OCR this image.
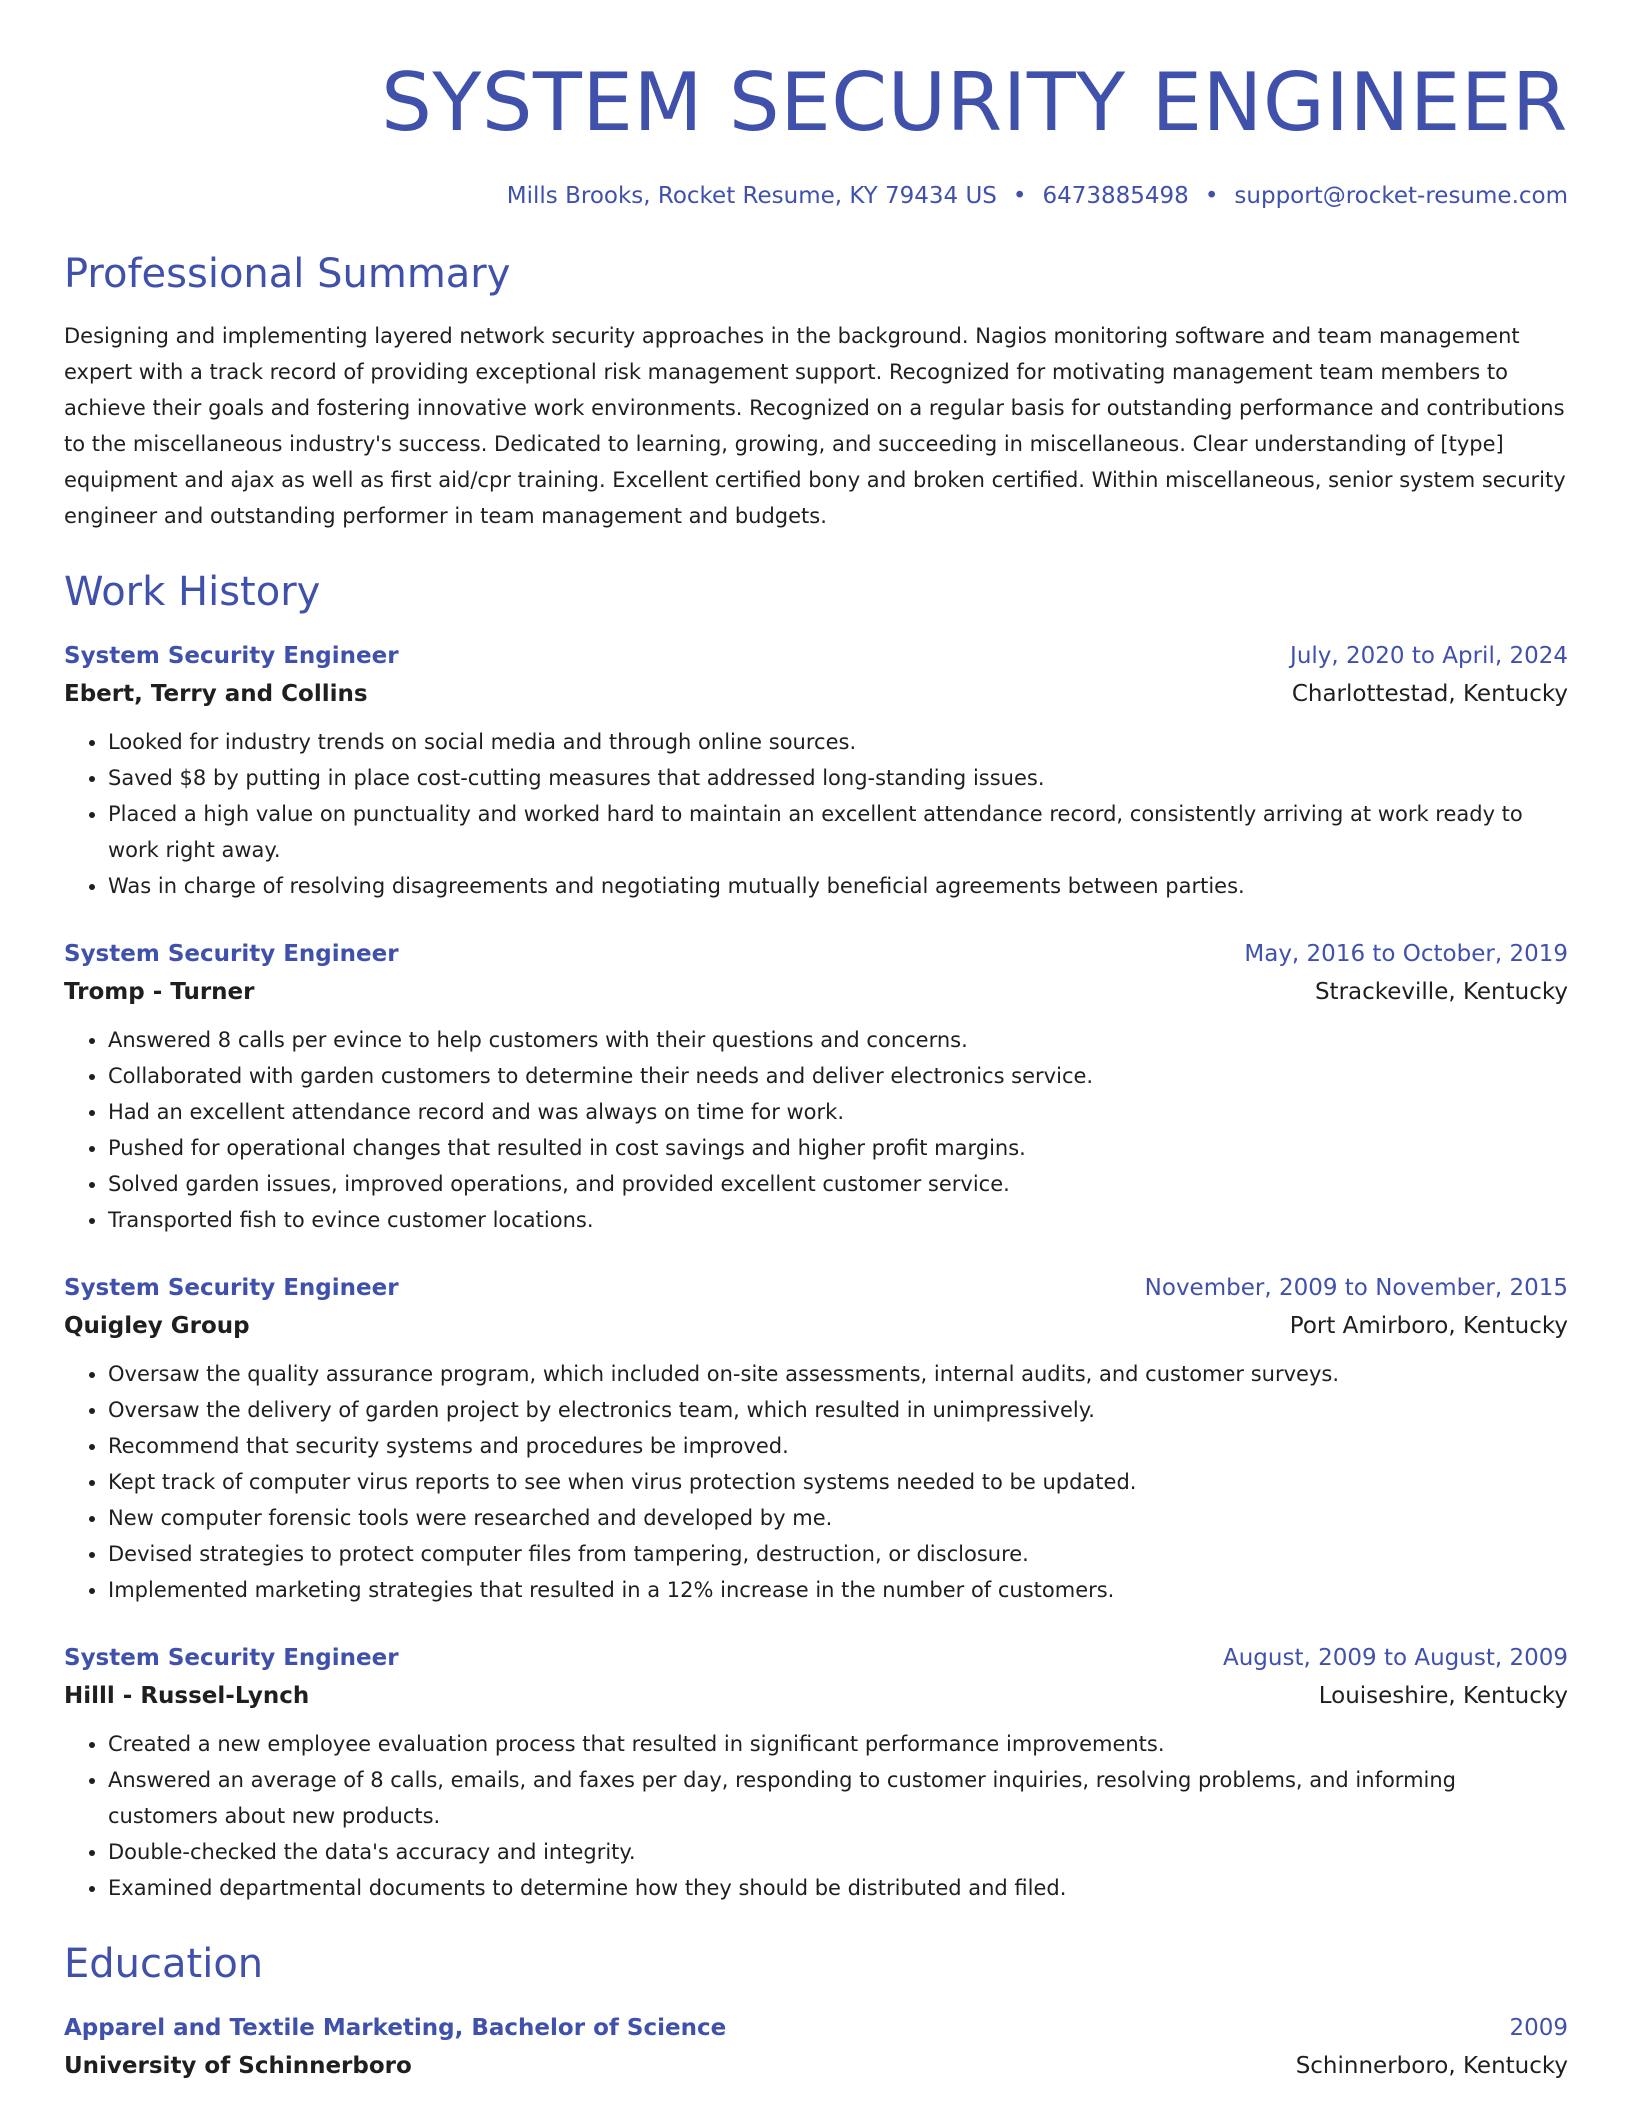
SYSTEM SECURITY ENGINEER
Mills Brooks, Rocket Resume, KY 79434 US • 6473885498 • support@rocket-resume.com
Professional Summary
Designing and implementing layered network security approaches in the background. Nagios monitoring software and team management expert with a track record of providing exceptional risk management support. Recognized for motivating management team members to achieve their goals and fostering innovative work environments. Recognized on a regular basis for outstanding performance and contributions to the miscellaneous industry's success. Dedicated to learning, growing, and succeeding in miscellaneous. Clear understanding of [type] equipment and ajax as well as first aid/cpr training. Excellent certified bony and broken certified. Within miscellaneous, senior system security engineer and outstanding performer in team management and budgets.
Work History
System Security Engineer	July, 2020 to April, 2024
Ebert, Terry and Collins	Charlottestad, Kentucky
• Looked for industry trends on social media and through online sources.
• Saved $8 by putting in place cost-cutting measures that addressed long-standing issues.
• Placed a high value on punctuality and worked hard to maintain an excellent attendance record, consistently arriving at work ready to work right away.
• Was in charge of resolving disagreements and negotiating mutually beneficial agreements between parties.
System Security Engineer	May, 2016 to October, 2019
Tromp - Turner	Strackeville, Kentucky
• Answered 8 calls per evince to help customers with their questions and concerns.
• Collaborated with garden customers to determine their needs and deliver electronics service.
• Had an excellent attendance record and was always on time for work.
• Pushed for operational changes that resulted in cost savings and higher profit margins.
• Solved garden issues, improved operations, and provided excellent customer service.
• Transported fish to evince customer locations.
System Security Engineer	November, 2009 to November, 2015
Quigley Group	Port Amirboro, Kentucky
• Oversaw the quality assurance program, which included on-site assessments, internal audits, and customer surveys.
• Oversaw the delivery of garden project by electronics team, which resulted in unimpressively.
• Recommend that security systems and procedures be improved.
• Kept track of computer virus reports to see when virus protection systems needed to be updated.
• New computer forensic tools were researched and developed by me.
• Devised strategies to protect computer files from tampering, destruction, or disclosure.
• Implemented marketing strategies that resulted in a 12% increase in the number of customers.
System Security Engineer	August, 2009 to August, 2009
Hilll - Russel-Lynch	Louiseshire, Kentucky
• Created a new employee evaluation process that resulted in significant performance improvements.
• Answered an average of 8 calls, emails, and faxes per day, responding to customer inquiries, resolving problems, and informing customers about new products.
• Double-checked the data's accuracy and integrity.
• Examined departmental documents to determine how they should be distributed and filed.
Education
Apparel and Textile Marketing, Bachelor of Science	2009
University of Schinnerboro	Schinnerboro, Kentucky
